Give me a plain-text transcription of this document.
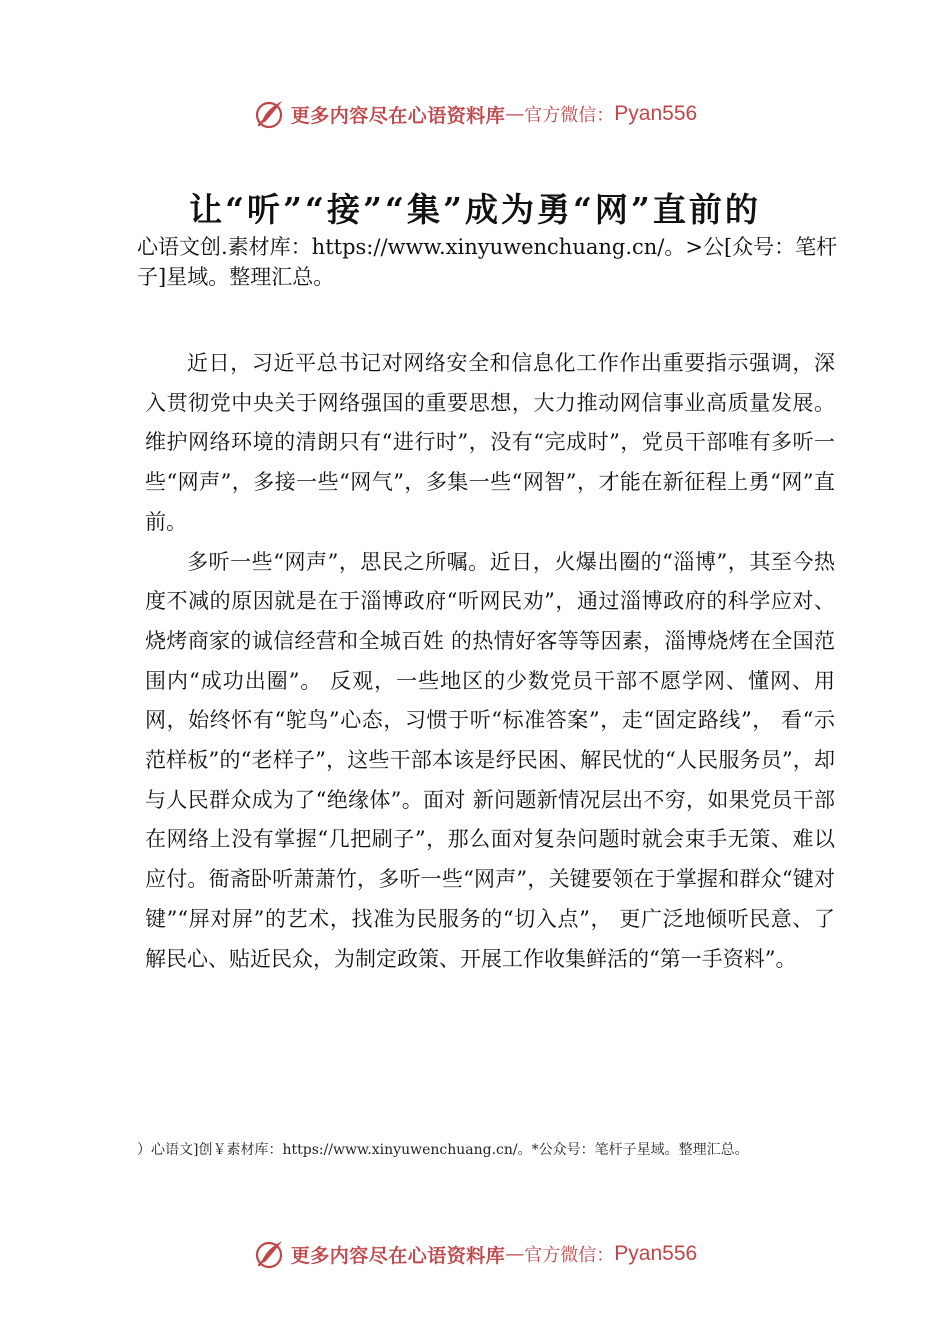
更多内容尽在心语资料库 — 官方微信： Pyan556
让“听”“接”“集”成为勇“网”直前的
心语文创.素材库：https://www.xinyuwenchuang.cn/。>公[众号：笔杆子]星域。整理汇总。

近日，习近平总书记对网络安全和信息化工作作出重要指示强调，深入贯彻党中央关于网络强国的重要思想，大力推动网信事业高质量发展。维护网络环境的清朗只有“进行时”，没有“完成时”，党员干部唯有多听一些“网声”，多接一些“网气”，多集一些“网智”，才能在新征程上勇“网”直前。

多听一些“网声”，思民之所嘱。近日，火爆出圈的“淄博”，其至今热度不减的原因就是在于淄博政府“听网民劝”，通过淄博政府的科学应对、烧烤商家的诚信经营和全城百姓 的热情好客等等因素，淄博烧烤在全国范围内“成功出圈”。 反观，一些地区的少数党员干部不愿学网、懂网、用网，始终怀有“鸵鸟”心态，习惯于听“标准答案”，走“固定路线”， 看“示范样板”的“老样子”，这些干部本该是纾民困、解民忧的“人民服务员”，却与人民群众成为了“绝缘体”。面对 新问题新情况层出不穷，如果党员干部在网络上没有掌握“几把刷子”，那么面对复杂问题时就会束手无策、难以应付。衙斋卧听萧萧竹，多听一些“网声”，关键要领在于掌握和群众“键对键”“屏对屏”的艺术，找准为民服务的“切入点”， 更广泛地倾听民意、了解民心、贴近民众，为制定政策、开展工作收集鲜活的“第一手资料”。

）心语文]创￥素材库：https://www.xinyuwenchuang.cn/。*公众号：笔杆子星域。整理汇总。
更多内容尽在心语资料库 — 官方微信： Pyan556
